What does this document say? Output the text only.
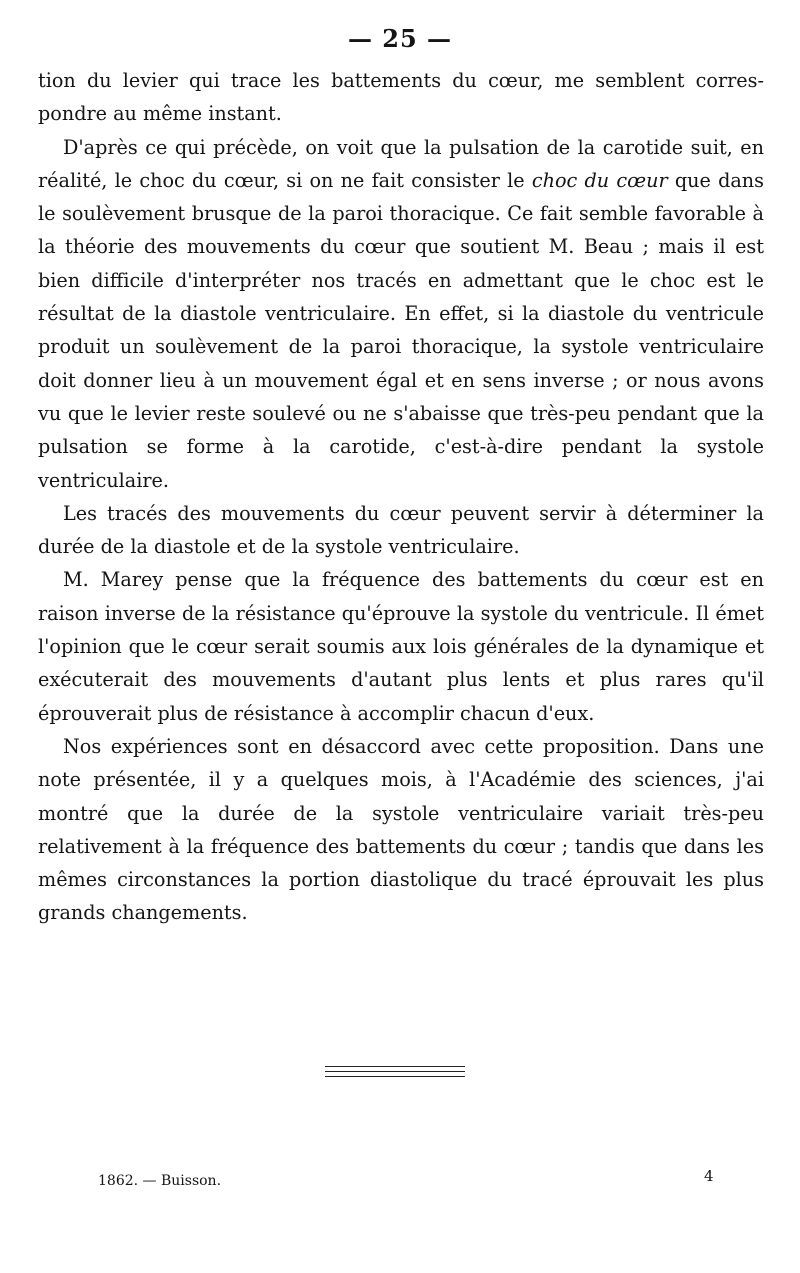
— 25 —

tion du levier qui trace les battements du cœur, me semblent corres-pondre au même instant.

D'après ce qui précède, on voit que la pulsation de la carotide suit, en réalité, le choc du cœur, si on ne fait consister le choc du cœur que dans le soulèvement brusque de la paroi thoracique. Ce fait semble favorable à la théorie des mouvements du cœur que soutient M. Beau ; mais il est bien difficile d'interpréter nos tracés en admettant que le choc est le résultat de la diastole ventriculaire. En effet, si la diastole du ventricule produit un soulèvement de la paroi thoracique, la systole ventriculaire doit donner lieu à un mouvement égal et en sens inverse ; or nous avons vu que le levier reste soulevé ou ne s'abaisse que très-peu pendant que la pulsation se forme à la carotide, c'est-à-dire pendant la systole ventriculaire.

Les tracés des mouvements du cœur peuvent servir à déterminer la durée de la diastole et de la systole ventriculaire.

M. Marey pense que la fréquence des battements du cœur est en raison inverse de la résistance qu'éprouve la systole du ventricule. Il émet l'opinion que le cœur serait soumis aux lois générales de la dynamique et exécuterait des mouvements d'autant plus lents et plus rares qu'il éprouverait plus de résistance à accomplir chacun d'eux.

Nos expériences sont en désaccord avec cette proposition. Dans une note présentée, il y a quelques mois, à l'Académie des sciences, j'ai montré que la durée de la systole ventriculaire variait très-peu relativement à la fréquence des battements du cœur ; tandis que dans les mêmes circonstances la portion diastolique du tracé éprouvait les plus grands changements.

1862. — Buisson.	4
